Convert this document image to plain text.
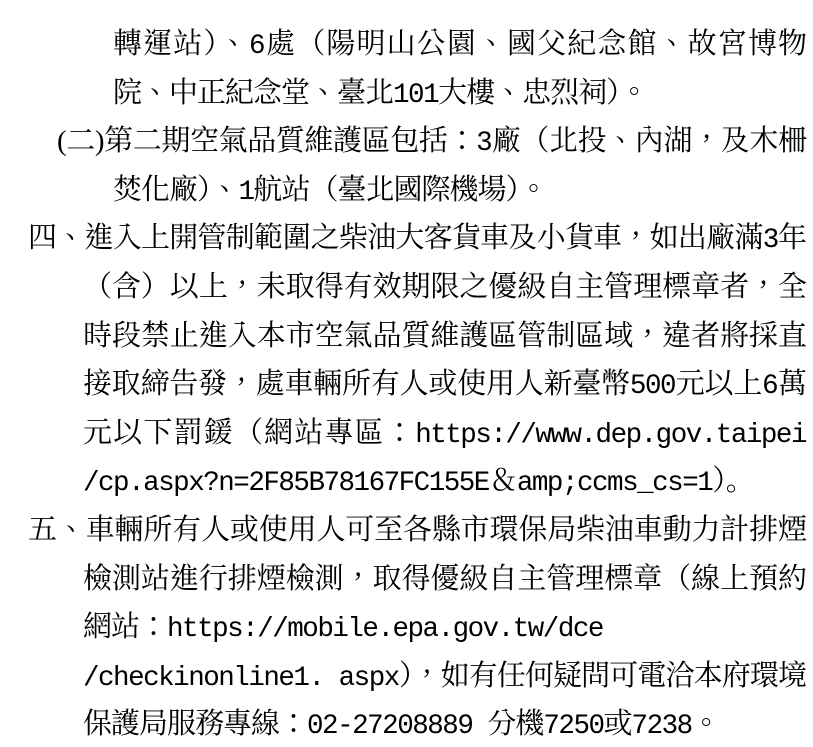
轉運站）、6處（陽明山公園、國父紀念館、故宮博物
院、中正紀念堂、臺北101大樓、忠烈祠）。
(二)第二期空氣品質維護區包括：3廠（北投、內湖，及木柵
焚化廠）、1航站（臺北國際機場）。
四、進入上開管制範圍之柴油大客貨車及小貨車，如出廠滿3年
（含）以上，未取得有效期限之優級自主管理標章者，全
時段禁止進入本市空氣品質維護區管制區域，違者將採直
接取締告發，處車輛所有人或使用人新臺幣500元以上6萬
元以下罰鍰（網站專區：https://www.dep.gov.taipei
/cp.aspx?n=2F85B78167FC155E＆amp;ccms_cs=1）。
五、車輛所有人或使用人可至各縣市環保局柴油車動力計排煙
檢測站進行排煙檢測，取得優級自主管理標章（線上預約
網站：https://mobile.epa.gov.tw/dce
/checkinonline1. aspx），如有任何疑問可電洽本府環境
保護局服務專線：02-27208889 分機7250或7238。
